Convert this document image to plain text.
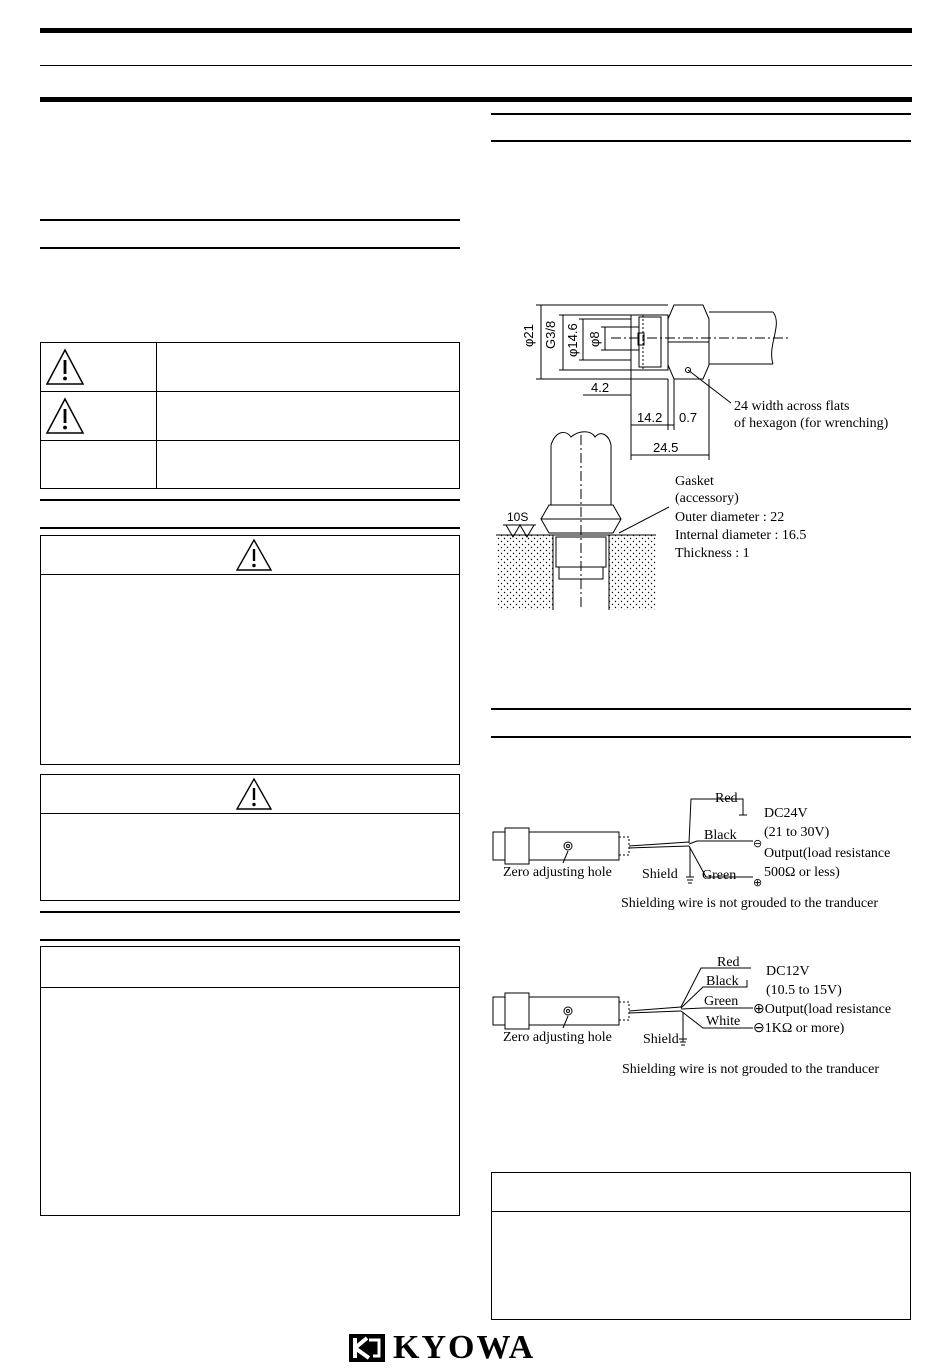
φ21 G3/8 φ14.6 φ8
4.2
14.2 0.7
24.5
24 width across flats
of hexagon (for wrenching)
10S
Gasket
(accessory)
Outer diameter : 22
Internal diameter : 16.5
Thickness : 1
Red
Black
⊖
DC24V
(21 to 30V)
Output(load resistance
500Ω or less)
Shield Green ⊕
Zero adjusting hole
Shielding wire is not grouded to the tranducer
Red
Black
Green
White
DC12V
(10.5 to 15V)
⊕Output(load resistance
⊖1KΩ or more)
Shield
Zero adjusting hole
Shielding wire is not grouded to the tranducer
KYOWA
